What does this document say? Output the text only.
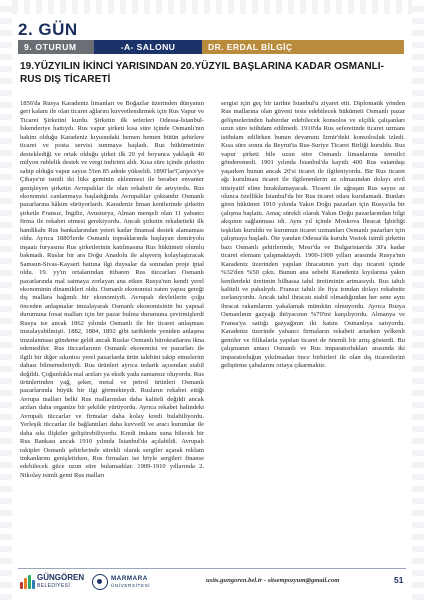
2. GÜN
9. OTURUM	-A- SALONU	DR. ERDAL BİLGİÇ
19.YÜZYILIN İKİNCİ YARISINDAN 20.YÜZYIL BAŞLARINA KADAR OSMANLI-RUS DIŞ TİCARETİ
1856'da Rusya Karadeniz limanları ve Boğazlar üzerinden dünyanın geri kalanı ile olan ticaret ağlarını kuvvetlendirmek için Rus Vapur ve Ticaret Şirketini kurdu. Şirketin ilk seferleri Odessa-İstanbul-İskenderiye hattıydı. Rus vapur şirketi kısa süre içinde Osmanlı'nın hakim olduğu Karadeniz kıyısındaki hemen hemen bütün şehirlere ticaret ve posta servisi sunmaya başladı. Rus hükümetinin desteklediği ve ortak olduğu şirket ilk 20 yıl boyunca yaklaşık 40 milyon rublelik destek ve vergi indirimi aldı. Kısa süre içinde şirketin sahip olduğu vapur sayısı 5'ten 85 adede yükseldi. 1890'lar'Çanjece'ye Çihaye'ni ismili iki lüks geminin eklenmesi ile beraber envanter genişleyen şirketin Avrupalılar ile olan rekabeti de artıyordu. Rus ekonomisi canlanmaya başladığında Avrupalılar çoktandır Osmanlı pazarlarına hâkim sürüyorlardı. Karadeniz liman kentlerinde şirketin şirketle Fransız, İngiliz, Avusturya, Alman menşeli olan 11 yabancı firma ile rekabet etmesi gerekiyordu. Ancak şirketin rekabetteki ilk handikabı Rus bankalarından yeteri kadar finansal destek alamaması oldu. Ayrıca 1880'lerde Osmanlı topraklarında başlayan demiryolu inşaatı furyasına Rus şirketlerinin katılmasına Rus hükümeti olumlu bakmadı. Ruslar bir ara Doğu Anadolu ile alışveriş kolaylaştıracak Samsun-Sivas-Kayseri hattına ilgi duysalar da sonradan proje iptal oldu. 19. yy'ın ortalarından itibaren Rus tüccarları Osmanlı pazarlarında mal satmaya zorlayan ana etken Rusya'nın kendi yerel ekonominin dinamikleri oldu. Osmanlı ekonomisi zaten yapısı gereği dış mallara bağımlı bir ekonomiydi. Avrupalı devletlerin çoğu önceden anlaşmalar imzalayarak Osmanlı ekonomisinin bu yapısal durumuna fırsat malları için bir pazar bulma durumuna çevirmişlerdi Rusya ise ancak 1862 yılında Osmanlı ile bir ticaret anlaşması imzalayabilmişti. 1882, 1884, 1892 gibi tarihlerde yeniden anlaşma imzalanması gündeme geldi ancak Ruslar Osmanlı bürokratlarını ikna edemediler. Rus tüccarlarının Osmanlı ekonomisi ve pazarları ile ilgili bir diğer sıkıntısı yerel pazarlarda ürün talebini takip etmelerini dahası bilmemeleriydi. Rus ürünleri ayrıca tedarik açısından stabil değildi. Çoğunlukla mal arzları ya eksik yada zamansız oluyordu. Rus ürünlerinden yağ, şeker, metal ve petrol ürünleri Osmanlı pazarlarında büyük bir ilgi görmekteydi. Rusların rekabet ettiği Avrupa malları belki Rus mallarından daha kaliteli değildi ancak arzları daha organize bir şekilde yürüyordu. Ayrıca rekabet halindeki Avrupalı tüccarlar ve firmalar daha kolay kredi bulabiliyordu. Yerleşik tüccarlar ile bağlantıları daha kuvvetli ve aracı kurumlar ile daha sıkı ilişkiler geliştirebiliyordu. Kredi imkanı suna bilecek bir Rus Bankası ancak 1910 yılında İstanbul'da açılabildi. Avrupalı rakipler Osmanlı şehirlerinde sürekli olarak sergiler açarak reklam imkanlarını genişletirken, Rus firmaları ise böyle sergileri finanse edebilecek güce uzun süre bulamadılar. 1909-1910 yıllarında 2. Nikolay isimli gemi Rus malları
sergisi için geç bir tarihte İstanbul'u ziyaret etti. Diplomatik yönden Rus mallarına olan güveni tesis edebilecek hükümeti Osmanlı pazar gelişmelerinden haberdar edebilecek konsolos ve elçilik çalışanları uzun süre istihdam edilmedi. 1910'da Rus seferetinde ticaret uzmanı istihdam edilirken bunun devamını İzmir'deki konsolosluk izledi. Kısa süre sonra da Beyrut'ta Rus-Suriye Ticaret Birliği kuruldu. Rus vapur şirketi bile uzun süre Osmanlı limanlarına temsilci gönderemedi. 1901 yılında İstanbul'da kayıtlı 400 Rus vatandaşı yaşarken bunun ancak 20'si ticaret ile ilgileniyordu. Bir Rus ticaret ağı kurulması ticaret ile ilgilenenlerin az olmasından dolayı sivil inisiyatif eline bırakılamayacak. Ticaret ile uğraşan Rus sayısı az olunca özellikle İstanbul'da bir Rus ticaret odası kurulamadı. Bunları giren hükümet 1910 yılında Yakın Doğu pazarları için Rusya'da bir çalışma başlattı. Amaç sürekli olarak Yakın Doğu pazarlarından bilgi akışının sağlanması idi. Aynı yıl içinde Moskova İhracat İşbirliği teşkilatı kuruldu ve kurumun ticaret uzmanları Osmanlı pazarları için çalışmaya başladı. Öte yandan Odessa'da kurulu Vostok isimli şirketin bazı Osmanlı şehirlerinde, Mısır'da ve Bulgaristan'da 30'a kadar ticaret elemanı çalışmaktaydı. 1900-1909 yılları arasında Rusya'nın Karadeniz üzerinden yapılan ihracatının yurt dışı ticareti içinde %32'den %50 çıktı. Bunun ana sebebi Karadeniz kıyılarına yakın kentlerdeki üretimin bilhassa tahıl üretiminin artmasıydı. Rus tahılı kaliteli ve pahalıydı. Fransız tahılı ile fiya trından dolayı rekabette zorlanıyordu. Ancak tahıl ihracatı stabil olmadığından her sene aynı ihracat rakamlarını yakalamak mümkün olmuyordu. Ayrıca Rusya Osmanlının gazyağı ihtiyacının %70'ini karşılıyordu. Almanya ve Fransa'ya sattığı gazyağının iki katını Osmanlıya satıyordu. Karadeniz üzerinde yabancı firmaların rekabeti artarken yelkenli gemiler ve filikalarla yapılan ticaret de önemli bir artış gösterdi. Bu çalışmanın amacı Osmanlı ve Rus imparatorlukları arasında iki imparatorluğun yıkılmadan önce birbirleri ile olan dış ticaretlerini geliştirme çabalarını ortaya çıkarmaktır.
GÜNGÖREN
BELEDİYESİ
MARMARA
ÜNİVERSİTESİ
usits.gungoren.bel.tr - sitsempozyum@gmail.com	51
